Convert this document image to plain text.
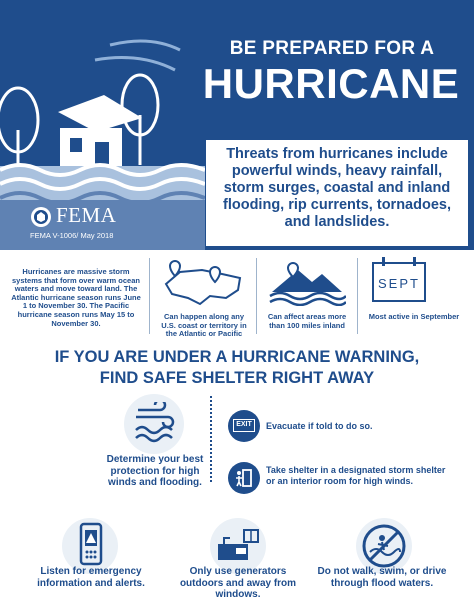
BE PREPARED FOR A
HURRICANE
Threats from hurricanes include powerful winds, heavy rainfall, storm surges, coastal and inland flooding, rip currents, tornadoes, and landslides.
FEMA
FEMA V-1006/ May 2018
Hurricanes are massive storm systems that form over warm ocean waters and move toward land. The Atlantic hurricane season runs June 1 to November 30. The Pacific hurricane season runs May 15 to November 30.
Can happen along any U.S. coast or territory in the Atlantic or Pacific
Can affect areas more than 100 miles inland
SEPT
Most active in September
IF YOU ARE UNDER A HURRICANE WARNING,
FIND SAFE SHELTER RIGHT AWAY
Determine your best protection for high winds and flooding.
EXIT	Evacuate if told to do so.
Take shelter in a designated storm shelter or an interior room for high winds.
Listen for emergency information and alerts.
Only use generators outdoors and away from windows.
Do not walk, swim, or drive through flood waters.
